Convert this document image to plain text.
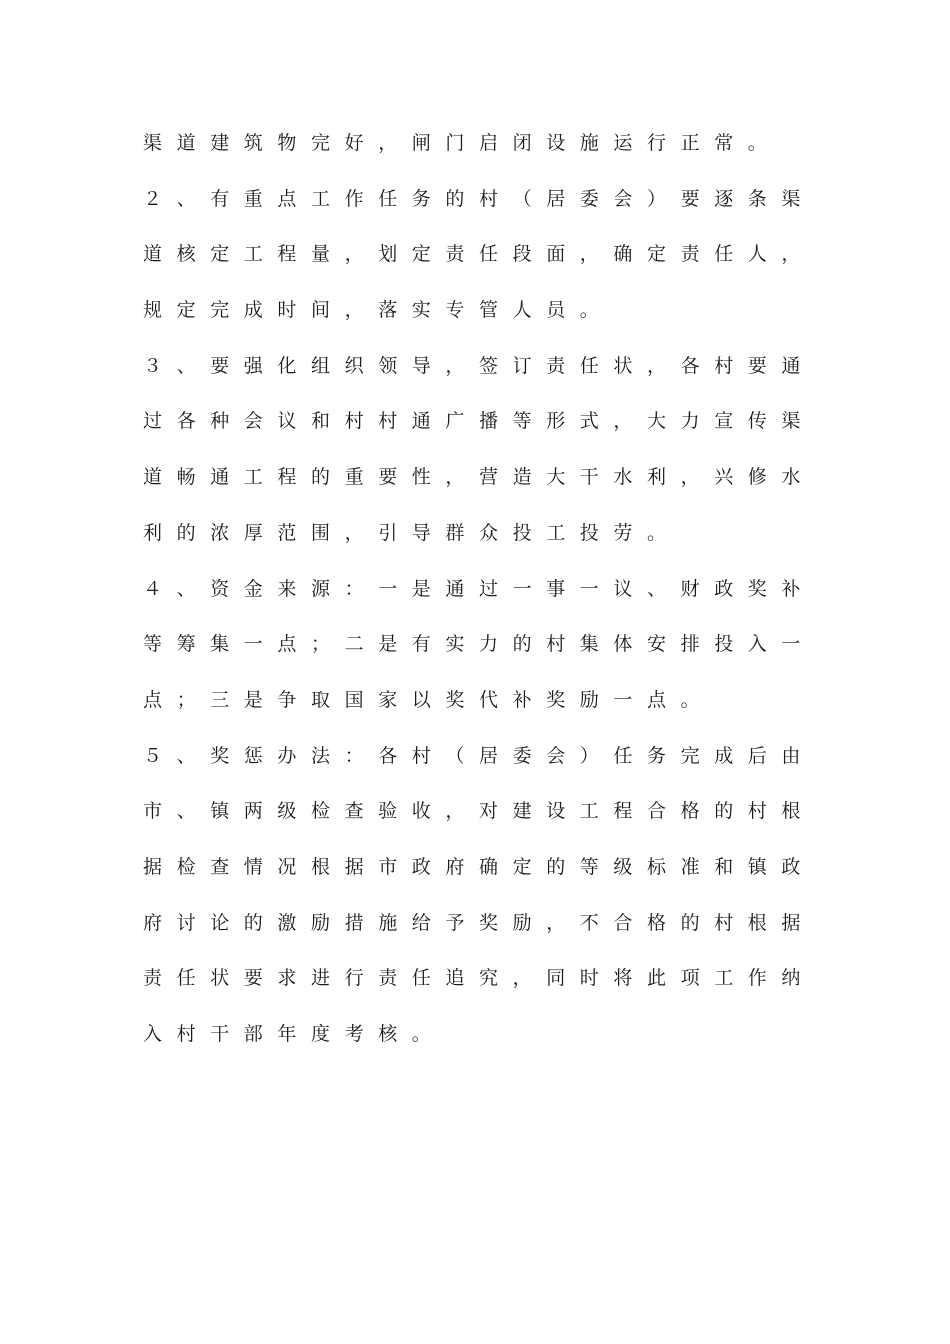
渠道建筑物完好，闸门启闭设施运行正常。
２、有重点工作任务的村（居委会）要逐条渠
道核定工程量，划定责任段面，确定责任人，
规定完成时间，落实专管人员。
３、要强化组织领导，签订责任状，各村要通
过各种会议和村村通广播等形式，大力宣传渠
道畅通工程的重要性，营造大干水利，兴修水
利的浓厚范围，引导群众投工投劳。
４、资金来源：一是通过一事一议、财政奖补
等筹集一点；二是有实力的村集体安排投入一
点；三是争取国家以奖代补奖励一点。
５、奖惩办法：各村（居委会）任务完成后由
市、镇两级检查验收，对建设工程合格的村根
据检查情况根据市政府确定的等级标准和镇政
府讨论的激励措施给予奖励，不合格的村根据
责任状要求进行责任追究，同时将此项工作纳
入村干部年度考核。
